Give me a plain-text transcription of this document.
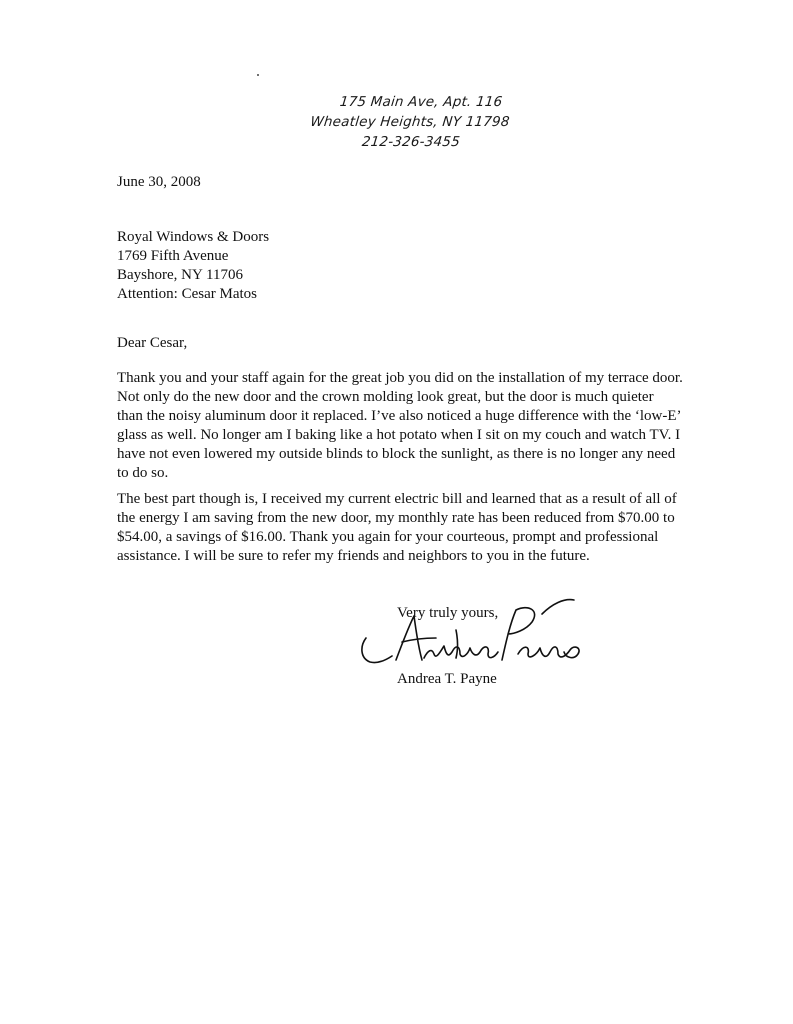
175 Main Ave, Apt. 116
Wheatley Heights, NY 11798
212-326-3455
June 30, 2008
Royal Windows & Doors
1769 Fifth Avenue
Bayshore, NY 11706
Attention: Cesar Matos
Dear Cesar,
Thank you and your staff again for the great job you did on the installation of my terrace door. Not only do the new door and the crown molding look great, but the door is much quieter than the noisy aluminum door it replaced. I’ve also noticed a huge difference with the ‘low-E’ glass as well. No longer am I baking like a hot potato when I sit on my couch and watch TV. I have not even lowered my outside blinds to block the sunlight, as there is no longer any need to do so.
The best part though is, I received my current electric bill and learned that as a result of all of the energy I am saving from the new door, my monthly rate has been reduced from $70.00 to $54.00, a savings of $16.00. Thank you again for your courteous, prompt and professional assistance. I will be sure to refer my friends and neighbors to you in the future.
Very truly yours,
Andrea T. Payne
